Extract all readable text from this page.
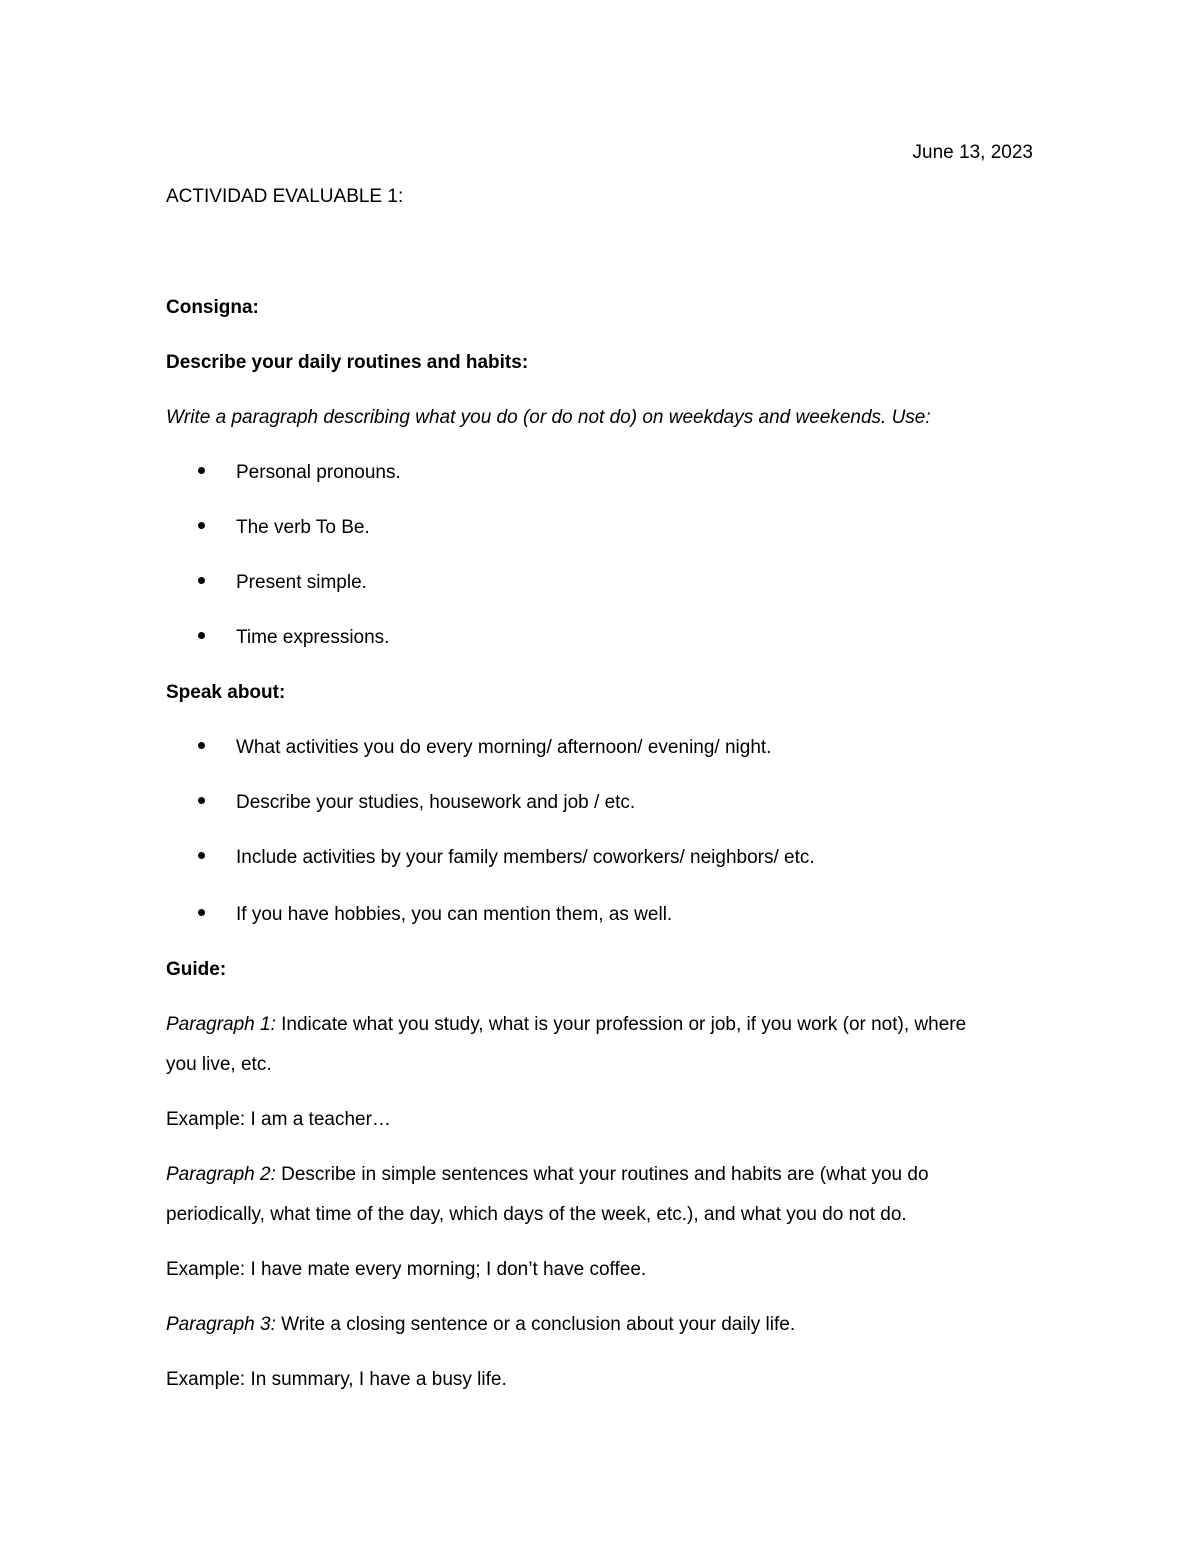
June 13, 2023
ACTIVIDAD EVALUABLE 1:
Consigna:
Describe your daily routines and habits:
Write a paragraph describing what you do (or do not do) on weekdays and weekends. Use:
Personal pronouns.
The verb To Be.
Present simple.
Time expressions.
Speak about:
What activities you do every morning/ afternoon/ evening/ night.
Describe your studies, housework and job / etc.
Include activities by your family members/ coworkers/ neighbors/ etc.
If you have hobbies, you can mention them, as well.
Guide:
Paragraph 1: Indicate what you study, what is your profession or job, if you work (or not), where
you live, etc.
Example: I am a teacher…
Paragraph 2: Describe in simple sentences what your routines and habits are (what you do
periodically, what time of the day, which days of the week, etc.), and what you do not do.
Example: I have mate every morning; I don’t have coffee.
Paragraph 3: Write a closing sentence or a conclusion about your daily life.
Example: In summary, I have a busy life.
